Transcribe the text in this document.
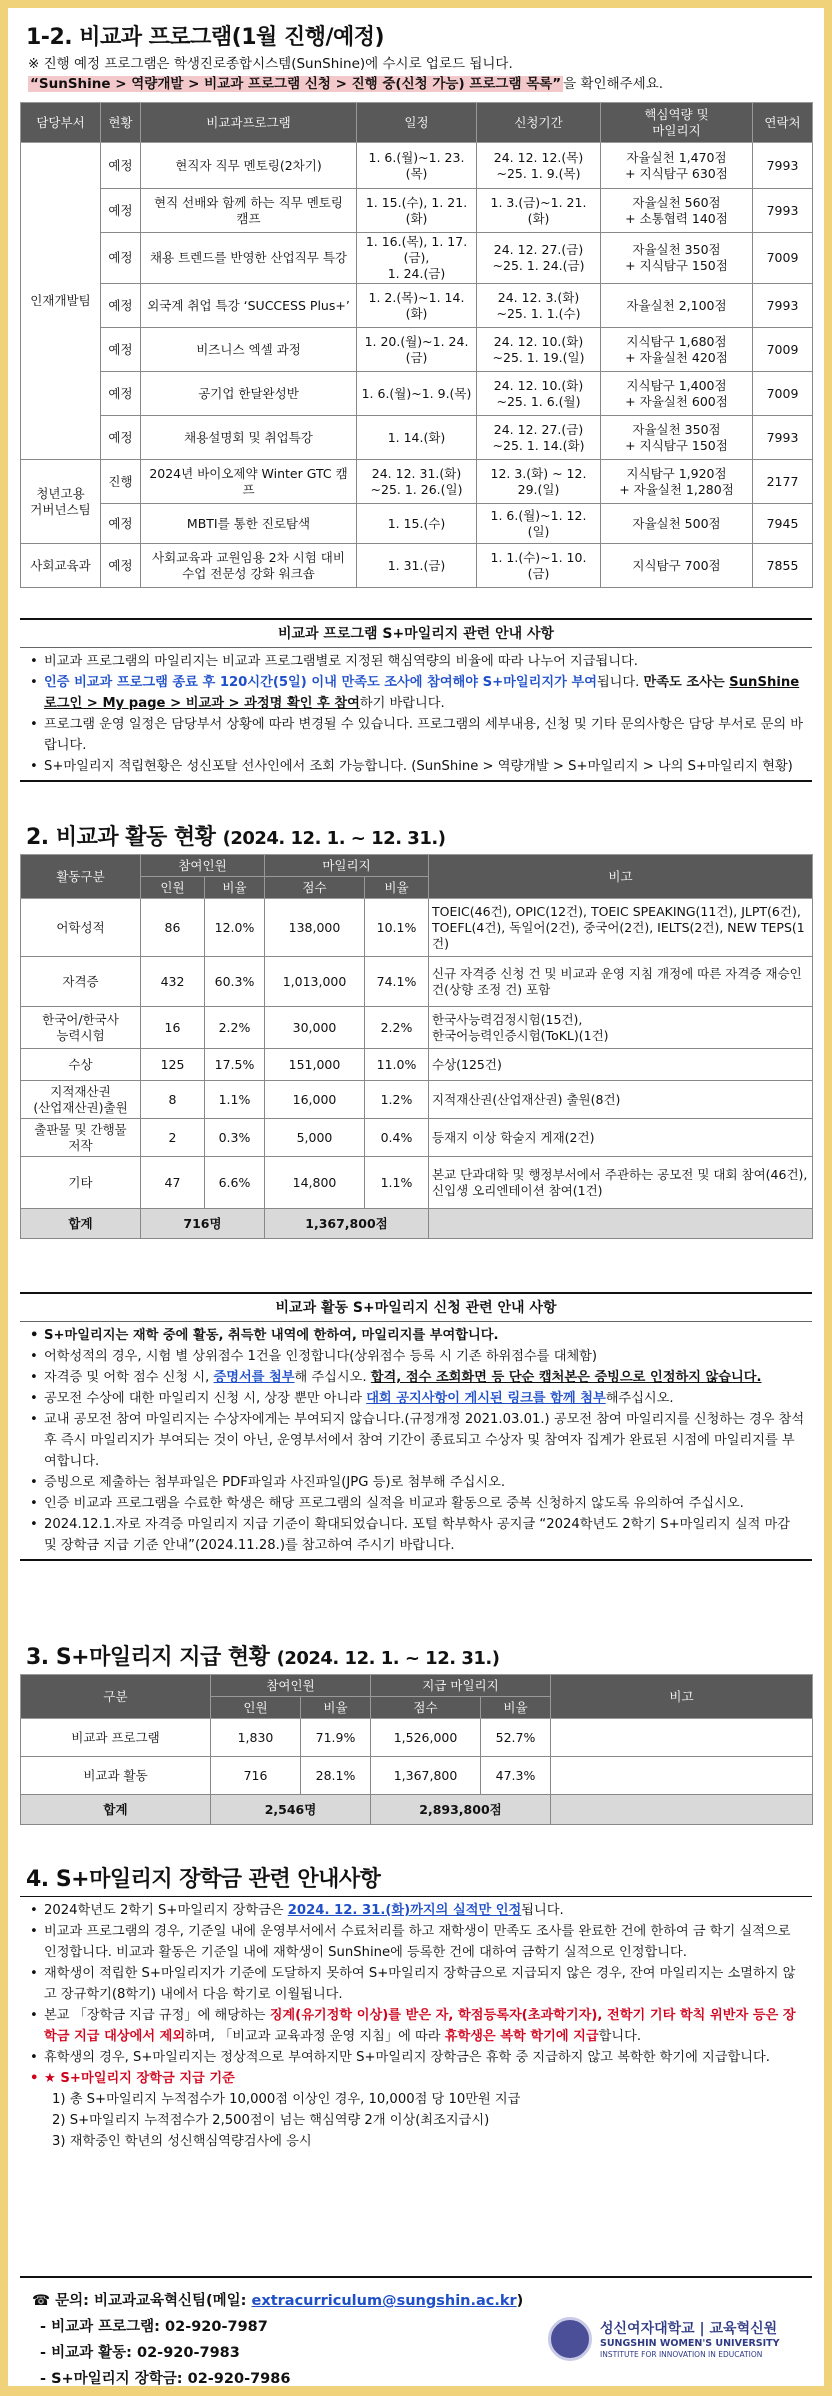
1-2. 비교과 프로그램(1월 진행/예정)
※ 진행 예정 프로그램은 학생진로종합시스템(SunShine)에 수시로 업로드 됩니다.
“SunShine > 역량개발 > 비교과 프로그램 신청 > 진행 중(신청 가능) 프로그램 목록” 을 확인해주세요.
담당부서	현황	비교과프로그램	일정	신청기간	핵심역량 및
마일리지	연락처
인재개발팀	예정	현직자 직무 멘토링(2차기)	1. 6.(월)~1. 23.(목)	24. 12. 12.(목)
~25. 1. 9.(목)	자율실천 1,470점
+ 지식탐구 630점	7993
	예정	현직 선배와 함께 하는 직무 멘토링
캠프	1. 15.(수), 1. 21.(화)	1. 3.(금)~1. 21.(화)	자율실천 560점
+ 소통협력 140점	7993
	예정	채용 트렌드를 반영한 산업직무 특강	1. 16.(목), 1. 17.(금),
1. 24.(금)	24. 12. 27.(금)
~25. 1. 24.(금)	자율실천 350점
+ 지식탐구 150점	7009
	예정	외국계 취업 특강 ‘SUCCESS Plus+’	1. 2.(목)~1. 14.(화)	24. 12. 3.(화)
~25. 1. 1.(수)	자율실천 2,100점	7993
	예정	비즈니스 엑셀 과정	1. 20.(월)~1. 24.(금)	24. 12. 10.(화)
~25. 1. 19.(일)	지식탐구 1,680점
+ 자율실천 420점	7009
	예정	공기업 한달완성반	1. 6.(월)~1. 9.(목)	24. 12. 10.(화)
~25. 1. 6.(월)	지식탐구 1,400점
+ 자율실천 600점	7009
	예정	채용설명회 및 취업특강	1. 14.(화)	24. 12. 27.(금)
~25. 1. 14.(화)	자율실천 350점
+ 지식탐구 150점	7993
청년고용
거버넌스팀	진행	2024년 바이오제약 Winter GTC 캠프	24. 12. 31.(화)
~25. 1. 26.(일)	12. 3.(화) ~ 12. 29.(일)	지식탐구 1,920점
+ 자율실천 1,280점	2177
	예정	MBTI를 통한 진로탐색	1. 15.(수)	1. 6.(월)~1. 12.(일)	자율실천 500점	7945
사회교육과	예정	사회교육과 교원임용 2차 시험 대비
수업 전문성 강화 워크숍	1. 31.(금)	1. 1.(수)~1. 10.(금)	지식탐구 700점	7855
비교과 프로그램 S+마일리지 관련 안내 사항
• 비교과 프로그램의 마일리지는 비교과 프로그램별로 지정된 핵심역량의 비율에 따라 나누어 지급됩니다.
• 인증 비교과 프로그램 종료 후 120시간(5일) 이내 만족도 조사에 참여해야 S+마일리지가 부여됩니다. 만족도 조사는 SunShine 로그인 > My page > 비교과 > 과정명 확인 후 참여하기 바랍니다.
• 프로그램 운영 일정은 담당부서 상황에 따라 변경될 수 있습니다. 프로그램의 세부내용, 신청 및 기타 문의사항은 담당 부서로 문의 바랍니다.
• S+마일리지 적립현황은 성신포탈 선사인에서 조회 가능합니다. (SunShine > 역량개발 > S+마일리지 > 나의 S+마일리지 현황)
2. 비교과 활동 현황 (2024. 12. 1. ~ 12. 31.)
활동구분	참여인원		마일리지		비고
	인원	비율	점수	비율	
어학성적	86	12.0%	138,000	10.1%	TOEIC(46건), OPIC(12건), TOEIC SPEAKING(11건), JLPT(6건), TOEFL(4건), 독일어(2건), 중국어(2건), IELTS(2건), NEW TEPS(1건)
자격증	432	60.3%	1,013,000	74.1%	신규 자격증 신청 건 및 비교과 운영 지침 개정에 따른 자격증 재승인 건(상향 조정 건) 포함
한국어/한국사
능력시험	16	2.2%	30,000	2.2%	한국사능력검정시험(15건),
한국어능력인증시험(ToKL)(1건)
수상	125	17.5%	151,000	11.0%	수상(125건)
지적재산권
(산업재산권)출원	8	1.1%	16,000	1.2%	지적재산권(산업재산권) 출원(8건)
출판물 및 간행물
저작	2	0.3%	5,000	0.4%	등재지 이상 학술지 게재(2건)
기타	47	6.6%	14,800	1.1%	본교 단과대학 및 행정부서에서 주관하는 공모전 및 대회 참여(46건),
신입생 오리엔테이션 참여(1건)
합계	716명		1,367,800점		
비교과 활동 S+마일리지 신청 관련 안내 사항
• S+마일리지는 재학 중에 활동, 취득한 내역에 한하여, 마일리지를 부여합니다.
• 어학성적의 경우, 시험 별 상위점수 1건을 인정합니다(상위점수 등록 시 기존 하위점수를 대체함)
• 자격증 및 어학 점수 신청 시, 증명서를 첨부해 주십시오. 합격, 점수 조회화면 등 단순 캡처본은 증빙으로 인정하지 않습니다.
• 공모전 수상에 대한 마일리지 신청 시, 상장 뿐만 아니라 대회 공지사항이 게시된 링크를 함께 첨부해주십시오.
• 교내 공모전 참여 마일리지는 수상자에게는 부여되지 않습니다.(규정개정 2021.03.01.) 공모전 참여 마일리지를 신청하는 경우 참석 후 즉시 마일리지가 부여되는 것이 아닌, 운영부서에서 참여 기간이 종료되고 수상자 및 참여자 집계가 완료된 시점에 마일리지를 부여합니다.
• 증빙으로 제출하는 첨부파일은 PDF파일과 사진파일(JPG 등)로 첨부해 주십시오.
• 인증 비교과 프로그램을 수료한 학생은 해당 프로그램의 실적을 비교과 활동으로 중복 신청하지 않도록 유의하여 주십시오.
• 2024.12.1.자로 자격증 마일리지 지급 기준이 확대되었습니다. 포털 학부학사 공지글 “2024학년도 2학기 S+마일리지 실적 마감 및 장학금 지급 기준 안내”(2024.11.28.)를 참고하여 주시기 바랍니다.
3. S+마일리지 지급 현황 (2024. 12. 1. ~ 12. 31.)
구분	참여인원		지급 마일리지		비고
	인원	비율	점수	비율	
비교과 프로그램	1,830	71.9%	1,526,000	52.7%	
비교과 활동	716	28.1%	1,367,800	47.3%	
합계	2,546명		2,893,800점		
4. S+마일리지 장학금 관련 안내사항
• 2024학년도 2학기 S+마일리지 장학금은 2024. 12. 31.(화)까지의 실적만 인정됩니다.
• 비교과 프로그램의 경우, 기준일 내에 운영부서에서 수료처리를 하고 재학생이 만족도 조사를 완료한 건에 한하여 금 학기 실적으로 인정합니다. 비교과 활동은 기준일 내에 재학생이 SunShine에 등록한 건에 대하여 금학기 실적으로 인정합니다.
• 재학생이 적립한 S+마일리지가 기준에 도달하지 못하여 S+마일리지 장학금으로 지급되지 않은 경우, 잔여 마일리지는 소멸하지 않고 장규학기(8학기) 내에서 다음 학기로 이월됩니다.
• 본교 「장학금 지급 규정」에 해당하는 징계(유기정학 이상)를 받은 자, 학점등록자(초과학기자), 전학기 기타 학칙 위반자 등은 장학금 지급 대상에서 제외하며, 「비교과 교육과정 운영 지침」에 따라 휴학생은 복학 학기에 지급합니다.
• 휴학생의 경우, S+마일리지는 정상적으로 부여하지만 S+마일리지 장학금은 휴학 중 지급하지 않고 복학한 학기에 지급합니다.
• ★ S+마일리지 장학금 지급 기준
1) 총 S+마일리지 누적점수가 10,000점 이상인 경우, 10,000점 당 10만원 지급
2) S+마일리지 누적점수가 2,500점이 넘는 핵심역량 2개 이상(최조지급시)
3) 재학중인 학년의 성신핵심역량검사에 응시
☎ 문의: 비교과교육혁신팀(메일: extracurriculum@sungshin.ac.kr)
- 비교과 프로그램: 02-920-7987
- 비교과 활동: 02-920-7983
- S+마일리지 장학금: 02-920-7986
성신여자대학교 | 교육혁신원
SUNGSHIN WOMEN'S UNIVERSITY
INSTITUTE FOR INNOVATION IN EDUCATION
